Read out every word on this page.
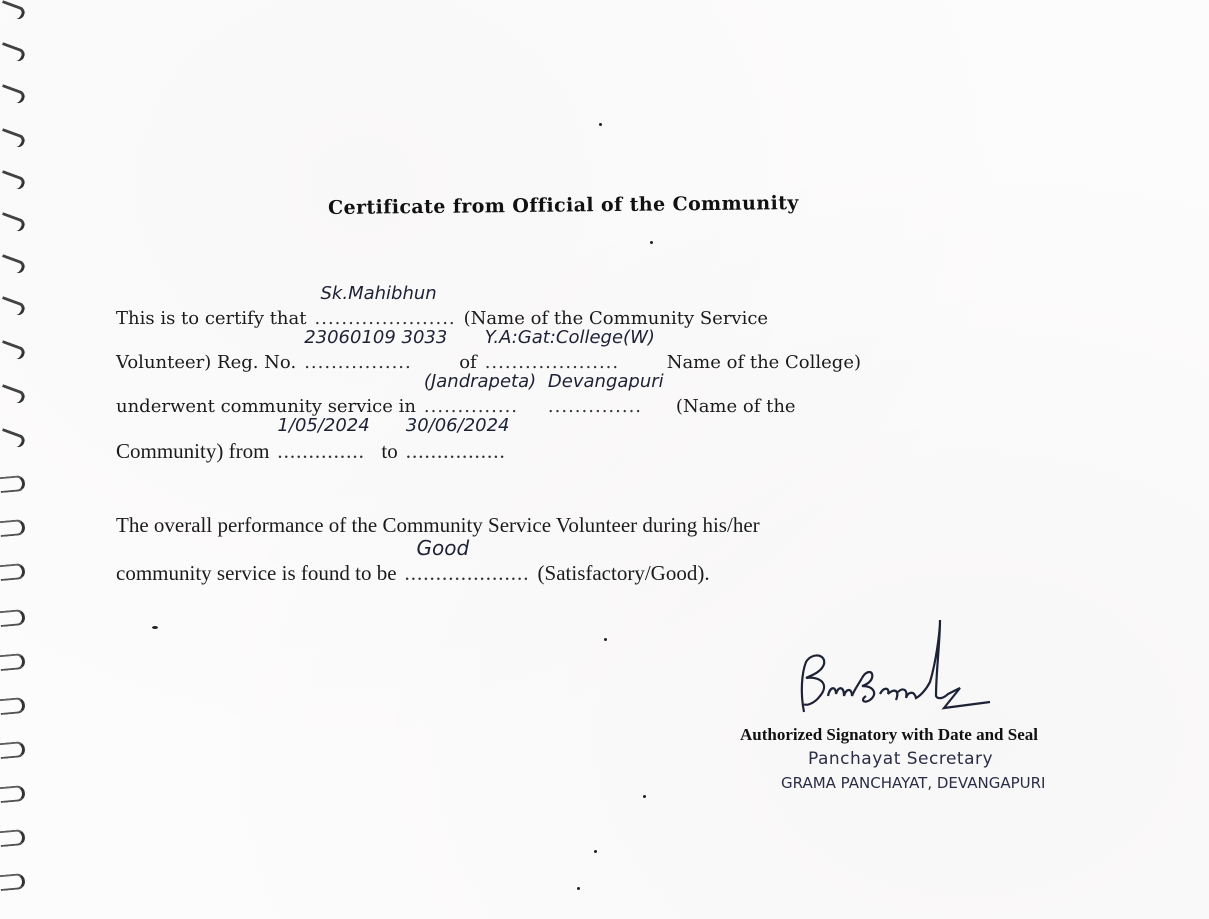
Certificate from Official of the Community
This is to certify that .....................
Sk.Mahibhun
(Name of the Community Service
Volunteer) Reg. No. ................
23060109 3033
of ....................
Y.A:Gat:College(W)
Name of the College)
underwent community service in ..............
(Jandrapeta)
..............
Devangapuri
(Name of the
Community) from ..............
1/05/2024
to ................
30/06/2024
The overall performance of the Community Service Volunteer during his/her
community service is found to be ....................
Good
(Satisfactory/Good).
Authorized Signatory with Date and Seal
Panchayat Secretary
GRAMA PANCHAYAT, DEVANGAPURI
